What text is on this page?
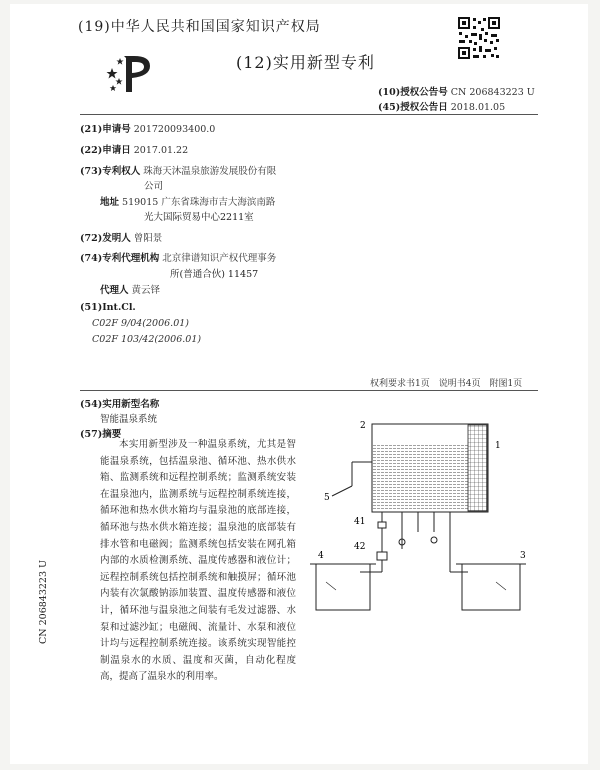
(19)中华人民共和国国家知识产权局
(12)实用新型专利
(10)授权公告号 CN 206843223 U
(45)授权公告日 2018.01.05
(21)申请号 201720093400.0
(22)申请日 2017.01.22
(73)专利权人 珠海天沐温泉旅游发展股份有限
公司
地址 519015 广东省珠海市吉大海滨南路
光大国际贸易中心2211室
(72)发明人 曾阳景
(74)专利代理机构 北京律谱知识产权代理事务
所(普通合伙) 11457
代理人 黄云铎
(51)Int.Cl.
C02F 9/04(2006.01)
C02F 103/42(2006.01)
权利要求书1页　说明书4页　附图1页
(54)实用新型名称
智能温泉系统
(57)摘要
本实用新型涉及一种温泉系统，尤其是智能温泉系统，包括温泉池、循环池、热水供水箱、监测系统和远程控制系统；监测系统安装在温泉池内，监测系统与远程控制系统连接，循环池和热水供水箱均与温泉池的底部连接，循环池与热水供水箱连接；温泉池的底部装有排水管和电磁阀；监测系统包括安装在网孔箱内部的水质检测系统、温度传感器和液位计；远程控制系统包括控制系统和触摸屏；循环池内装有次氯酸钠添加装置、温度传感器和液位计，循环池与温泉池之间装有毛发过滤器、水泵和过滤沙缸；电磁阀、流量计、水泵和液位计均与远程控制系统连接。该系统实现智能控制温泉水的水质、温度和灭菌，自动化程度高，提高了温泉水的利用率。
CN 206843223 U
2
1
5
41
42
4	3
